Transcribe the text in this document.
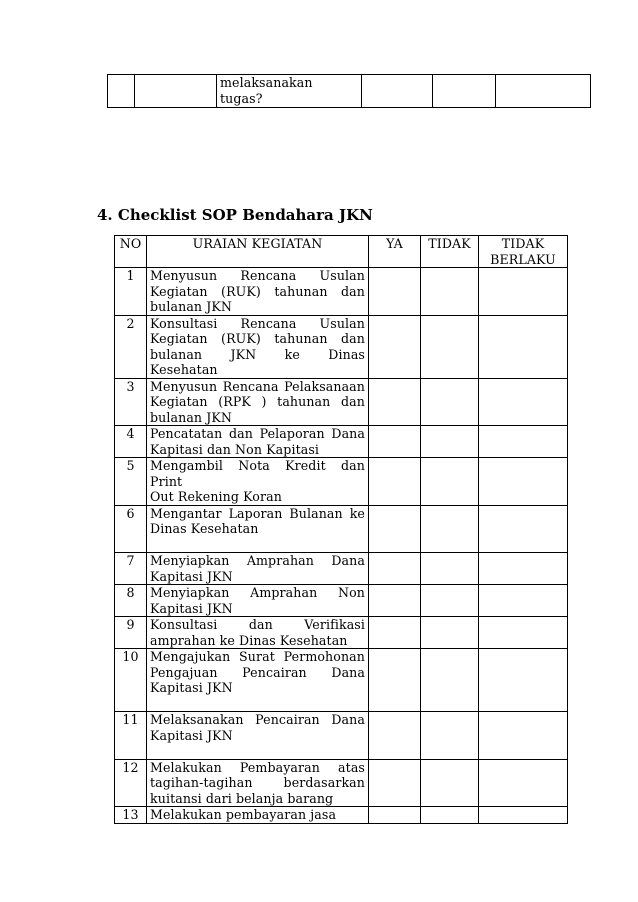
melaksanakan
tugas?

4. Checklist SOP Bendahara JKN
NO	URAIAN KEGIATAN	YA	TIDAK	TIDAK
BERLAKU

1	Menyusun Rencana Usulan
Kegiatan (RUK) tahunan dan
bulanan JKN			

2	Konsultasi Rencana Usulan
Kegiatan (RUK) tahunan dan
bulanan JKN ke Dinas
Kesehatan			

3	Menyusun Rencana Pelaksanaan
Kegiatan (RPK ) tahunan dan
bulanan JKN			

4	Pencatatan dan Pelaporan Dana
Kapitasi dan Non Kapitasi			

5	Mengambil Nota Kredit dan Print
Out Rekening Koran			

6	Mengantar Laporan Bulanan ke
Dinas Kesehatan			

7	Menyiapkan Amprahan Dana
Kapitasi JKN			

8	Menyiapkan Amprahan Non
Kapitasi JKN			

9	Konsultasi dan Verifikasi
amprahan ke Dinas Kesehatan			

10	Mengajukan Surat Permohonan
Pengajuan Pencairan Dana
Kapitasi JKN			

11	Melaksanakan Pencairan Dana
Kapitasi JKN			

12	Melakukan Pembayaran atas
tagihan-tagihan berdasarkan
kuitansi dari belanja barang			

13	Melakukan pembayaran jasa			
